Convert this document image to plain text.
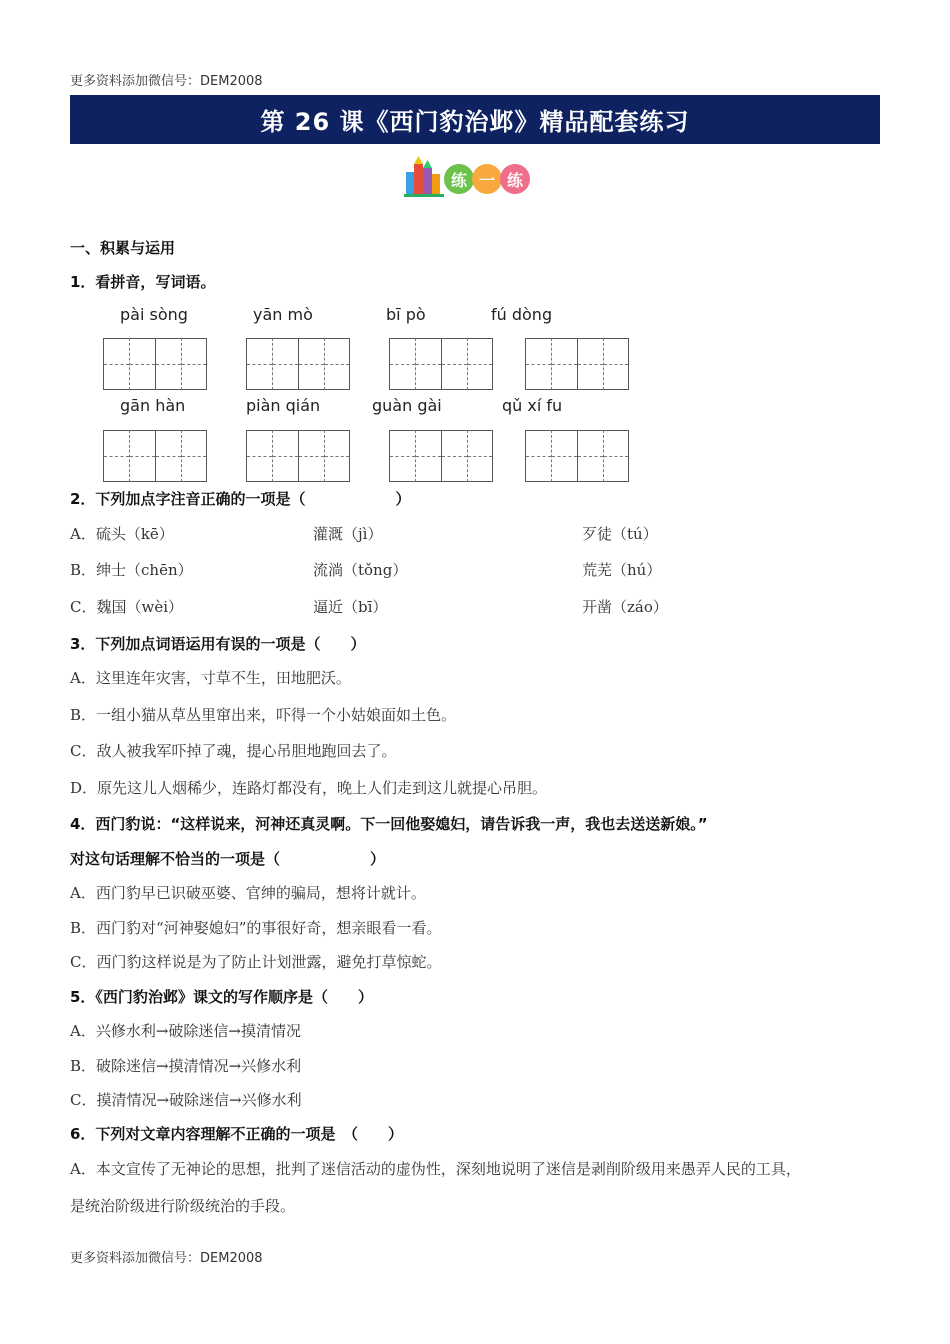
更多资料添加微信号：DEM2008
第 26 课《西门豹治邺》精品配套练习
练 一 练
一、积累与运用
1．看拼音，写词语。
pài sòng	yān mò	bī pò	fú dòng
gān hàn	piàn qián	guàn gài	qǔ xí fu
2．下列加点字注音正确的一项是（　　　　　　）
A．硫头（kē）	灌溉（jì）	歹徒（tú）
B．绅士（chēn）	流淌（tǒng）	荒芜（hú）
C．魏国（wèi）	逼近（bī）	开凿（záo）
3．下列加点词语运用有误的一项是（　　）
A．这里连年灾害，寸草不生，田地肥沃。
B．一组小猫从草丛里窜出来，吓得一个小姑娘面如土色。
C．敌人被我军吓掉了魂，提心吊胆地跑回去了。
D．原先这儿人烟稀少，连路灯都没有，晚上人们走到这儿就提心吊胆。
4．西门豹说：“这样说来，河神还真灵啊。下一回他娶媳妇，请告诉我一声，我也去送送新娘。”
对这句话理解不恰当的一项是（　　　　　　）
A．西门豹早已识破巫婆、官绅的骗局，想将计就计。
B．西门豹对“河神娶媳妇”的事很好奇，想亲眼看一看。
C．西门豹这样说是为了防止计划泄露，避免打草惊蛇。
5．《西门豹治邺》课文的写作顺序是（　　）
A．兴修水利→破除迷信→摸清情况
B．破除迷信→摸清情况→兴修水利
C．摸清情况→破除迷信→兴修水利
6．下列对文章内容理解不正确的一项是　（　　）
A．本文宣传了无神论的思想，批判了迷信活动的虚伪性，深刻地说明了迷信是剥削阶级用来愚弄人民的工具，
是统治阶级进行阶级统治的手段。
更多资料添加微信号：DEM2008
